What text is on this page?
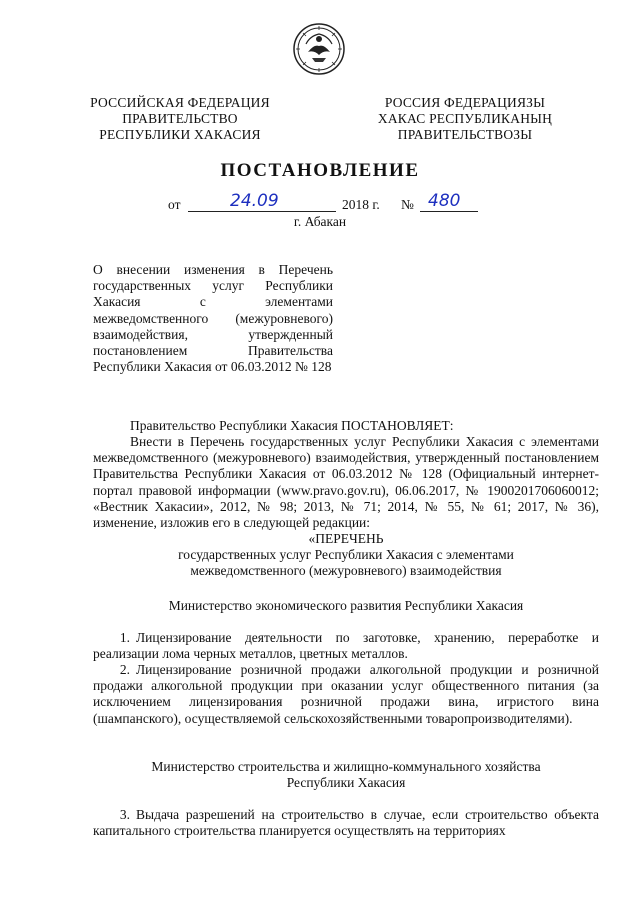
РОССИЙСКАЯ ФЕДЕРАЦИЯ
ПРАВИТЕЛЬСТВО
РЕСПУБЛИКИ ХАКАСИЯ
РОССИЯ ФЕДЕРАЦИЯЗЫ
ХАКАС РЕСПУБЛИКАНЫҢ
ПРАВИТЕЛЬСТВОЗЫ
ПОСТАНОВЛЕНИЕ
от	24.09	2018 г. № 480
г. Абакан
О внесении изменения в Перечень государственных услуг Республики Хакасия с элементами межведомственного (межуровневого) взаимодействия, утвержденный постановлением Правительства Республики Хакасия от 06.03.2012 № 128
Правительство Республики Хакасия ПОСТАНОВЛЯЕТ:
Внести в Перечень государственных услуг Республики Хакасия с элементами межведомственного (межуровневого) взаимодействия, утвержденный постановлением Правительства Республики Хакасия от 06.03.2012 № 128 (Официальный интернет-портал правовой информации (www.pravo.gov.ru), 06.06.2017, № 1900201706060012; «Вестник Хакасии», 2012, № 98; 2013, № 71; 2014, № 55, № 61; 2017, № 36), изменение, изложив его в следующей редакции:
«ПЕРЕЧЕНЬ
государственных услуг Республики Хакасия с элементами
межведомственного (межуровневого) взаимодействия
Министерство экономического развития Республики Хакасия
1. Лицензирование деятельности по заготовке, хранению, переработке и реализации лома черных металлов, цветных металлов.
2. Лицензирование розничной продажи алкогольной продукции и розничной продажи алкогольной продукции при оказании услуг общественного питания (за исключением лицензирования розничной продажи вина, игристого вина (шампанского), осуществляемой сельскохозяйственными товаропроизводителями).
Министерство строительства и жилищно-коммунального хозяйства
Республики Хакасия
3. Выдача разрешений на строительство в случае, если строительство объекта капитального строительства планируется осуществлять на территориях
